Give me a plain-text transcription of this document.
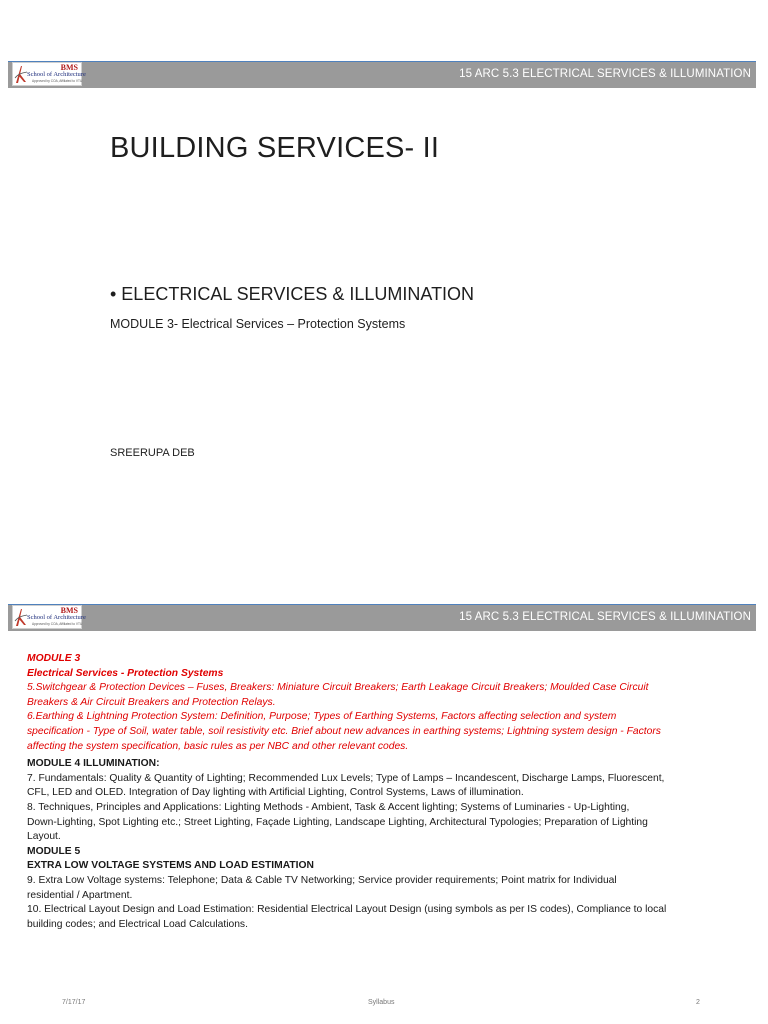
15 ARC 5.3 ELECTRICAL SERVICES & ILLUMINATION
BMS
School of Architecture
Approved by COA, Affiliated to VTU
BUILDING SERVICES- II
• ELECTRICAL SERVICES & ILLUMINATION
MODULE 3- Electrical Services – Protection Systems
SREERUPA DEB
15 ARC 5.3 ELECTRICAL SERVICES & ILLUMINATION
BMS
School of Architecture
Approved by COA, Affiliated to VTU
MODULE 3
Electrical Services - Protection Systems
5.Switchgear & Protection Devices – Fuses, Breakers: Miniature Circuit Breakers; Earth Leakage Circuit Breakers; Moulded Case Circuit
Breakers & Air Circuit Breakers and Protection Relays.
6.Earthing & Lightning Protection System: Definition, Purpose; Types of Earthing Systems, Factors affecting selection and system
specification - Type of Soil, water table, soil resistivity etc. Brief about new advances in earthing systems; Lightning system design - Factors
affecting the system specification, basic rules as per NBC and other relevant codes.
MODULE 4 ILLUMINATION:
7. Fundamentals: Quality & Quantity of Lighting; Recommended Lux Levels; Type of Lamps – Incandescent, Discharge Lamps, Fluorescent,
CFL, LED and OLED. Integration of Day lighting with Artificial Lighting, Control Systems, Laws of illumination.
8. Techniques, Principles and Applications: Lighting Methods - Ambient, Task & Accent lighting; Systems of Luminaries - Up-Lighting,
Down-Lighting, Spot Lighting etc.; Street Lighting, Façade Lighting, Landscape Lighting, Architectural Typologies; Preparation of Lighting
Layout.
MODULE 5
EXTRA LOW VOLTAGE SYSTEMS AND LOAD ESTIMATION
9. Extra Low Voltage systems: Telephone; Data & Cable TV Networking; Service provider requirements; Point matrix for Individual
residential / Apartment.
10. Electrical Layout Design and Load Estimation: Residential Electrical Layout Design (using symbols as per IS codes), Compliance to local
building codes; and Electrical Load Calculations.
7/17/17	Syllabus	2
